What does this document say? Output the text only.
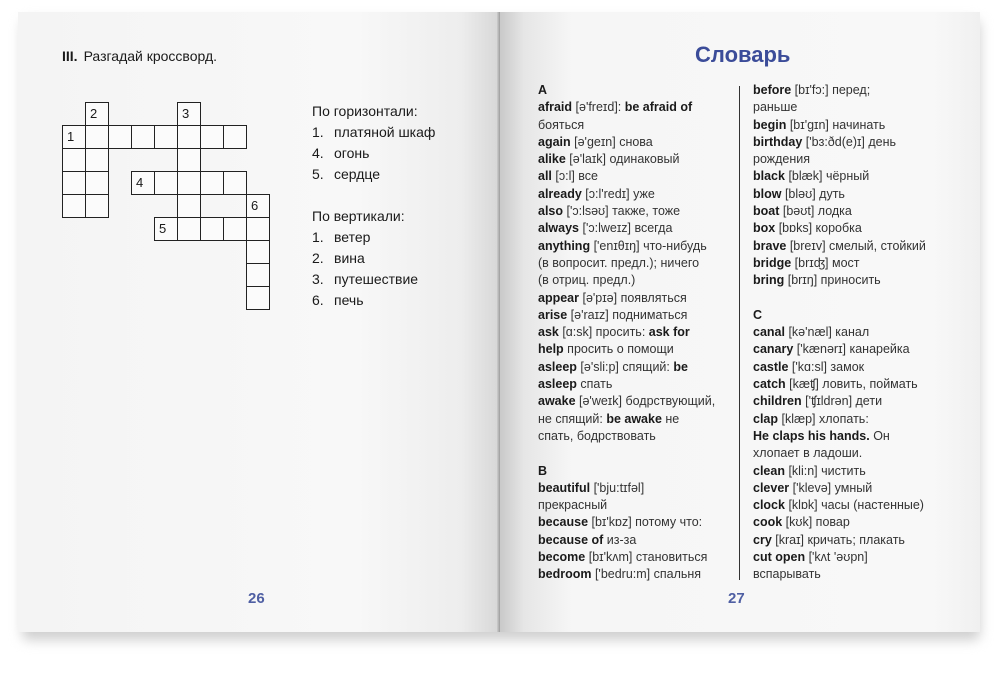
III. Разгадай кроссворд.
1
2	3
4
5
6
По горизонтали:
1. платяной шкаф
4. огонь
5. сердце
По вертикали:
1. ветер
2. вина
3. путешествие
6. печь
26
Словарь
A
afraid [ə'freɪd]: be afraid of
бояться
again [ə'geɪn] снова
alike [ə'laɪk] одинаковый
all [ɔ:l] все
already [ɔ:l'redɪ] уже
also ['ɔ:lsəʊ] также, тоже
always ['ɔ:lweɪz] всегда
anything ['enɪθɪŋ] что-нибудь
(в вопросит. предл.); ничего
(в отриц. предл.)
appear [ə'pɪə] появляться
arise [ə'raɪz] подниматься
ask [ɑ:sk] просить: ask for
help просить о помощи
asleep [ə'sli:p] спящий: be
asleep спать
awake [ə'weɪk] бодрствующий,
не спящий: be awake не
спать, бодрствовать
B
beautiful ['bju:tɪfəl]
прекрасный
because [bɪ'kɒz] потому что:
because of из-за
become [bɪ'kʌm] становиться
bedroom ['bedru:m] спальня
before [bɪ'fɔ:] перед;
раньше
begin [bɪ'gɪn] начинать
birthday ['bɜ:ðd(e)ɪ] день
рождения
black [blæk] чёрный
blow [bləʊ] дуть
boat [bəʊt] лодка
box [bɒks] коробка
brave [breɪv] смелый, стойкий
bridge [brɪʤ] мост
bring [brɪŋ] приносить
C
canal [kə'næl] канал
canary ['kænərɪ] канарейка
castle ['kɑ:sl] замок
catch [kæʧ] ловить, поймать
children ['ʧɪldrən] дети
clap [klæp] хлопать:
He claps his hands. Он
хлопает в ладоши.
clean [kli:n] чистить
clever ['klevə] умный
clock [klɒk] часы (настенные)
cook [kʊk] повар
cry [kraɪ] кричать; плакать
cut open ['kʌt 'əʊpn]
вспарывать
27
